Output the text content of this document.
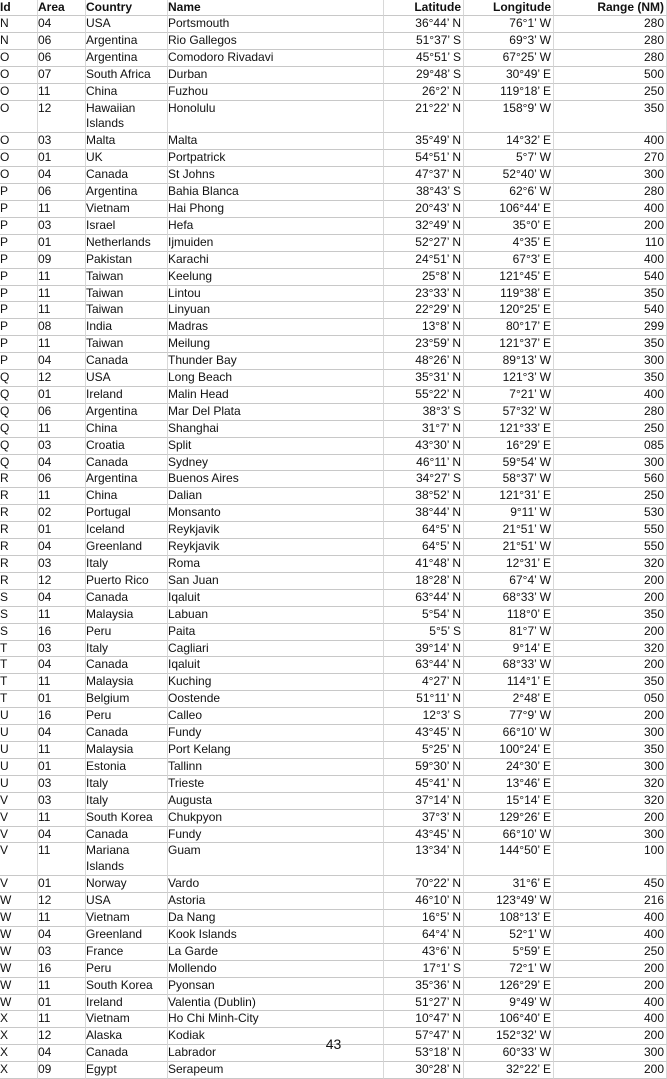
Id	Area	Country	Name	Latitude	Longitude	Range (NM)
N	04	USA	Portsmouth	36°44’ N	76°1’ W	280
N	06	Argentina	Rio Gallegos	51°37’ S	69°3’ W	280
O	06	Argentina	Comodoro Rivadavi	45°51’ S	67°25’ W	280
O	07	South Africa	Durban	29°48’ S	30°49’ E	500
O	11	China	Fuzhou	26°2’ N	119°18’ E	250
O	12	Hawaiian Islands	Honolulu	21°22’ N	158°9’ W	350
O	03	Malta	Malta	35°49’ N	14°32’ E	400
O	01	UK	Portpatrick	54°51’ N	5°7’ W	270
O	04	Canada	St Johns	47°37’ N	52°40’ W	300
P	06	Argentina	Bahia Blanca	38°43’ S	62°6’ W	280
P	11	Vietnam	Hai Phong	20°43’ N	106°44’ E	400
P	03	Israel	Hefa	32°49’ N	35°0’ E	200
P	01	Netherlands	Ijmuiden	52°27’ N	4°35’ E	110
P	09	Pakistan	Karachi	24°51’ N	67°3’ E	400
P	11	Taiwan	Keelung	25°8’ N	121°45’ E	540
P	11	Taiwan	Lintou	23°33’ N	119°38’ E	350
P	11	Taiwan	Linyuan	22°29’ N	120°25’ E	540
P	08	India	Madras	13°8’ N	80°17’ E	299
P	11	Taiwan	Meilung	23°59’ N	121°37’ E	350
P	04	Canada	Thunder Bay	48°26’ N	89°13’ W	300
Q	12	USA	Long Beach	35°31’ N	121°3’ W	350
Q	01	Ireland	Malin Head	55°22’ N	7°21’ W	400
Q	06	Argentina	Mar Del Plata	38°3’ S	57°32’ W	280
Q	11	China	Shanghai	31°7’ N	121°33’ E	250
Q	03	Croatia	Split	43°30’ N	16°29’ E	085
Q	04	Canada	Sydney	46°11’ N	59°54’ W	300
R	06	Argentina	Buenos Aires	34°27’ S	58°37’ W	560
R	11	China	Dalian	38°52’ N	121°31’ E	250
R	02	Portugal	Monsanto	38°44’ N	9°11’ W	530
R	01	Iceland	Reykjavik	64°5’ N	21°51’ W	550
R	04	Greenland	Reykjavik	64°5’ N	21°51’ W	550
R	03	Italy	Roma	41°48’ N	12°31’ E	320
R	12	Puerto Rico	San Juan	18°28’ N	67°4’ W	200
S	04	Canada	Iqaluit	63°44’ N	68°33’ W	200
S	11	Malaysia	Labuan	5°54’ N	118°0’ E	350
S	16	Peru	Paita	5°5’ S	81°7’ W	200
T	03	Italy	Cagliari	39°14’ N	9°14’ E	320
T	04	Canada	Iqaluit	63°44’ N	68°33’ W	200
T	11	Malaysia	Kuching	4°27’ N	114°1’ E	350
T	01	Belgium	Oostende	51°11’ N	2°48’ E	050
U	16	Peru	Calleo	12°3’ S	77°9’ W	200
U	04	Canada	Fundy	43°45’ N	66°10’ W	300
U	11	Malaysia	Port Kelang	5°25’ N	100°24’ E	350
U	01	Estonia	Tallinn	59°30’ N	24°30’ E	300
U	03	Italy	Trieste	45°41’ N	13°46’ E	320
V	03	Italy	Augusta	37°14’ N	15°14’ E	320
V	11	South Korea	Chukpyon	37°3’ N	129°26’ E	200
V	04	Canada	Fundy	43°45’ N	66°10’ W	300
V	11	Mariana Islands	Guam	13°34’ N	144°50’ E	100
V	01	Norway	Vardo	70°22’ N	31°6’ E	450
W	12	USA	Astoria	46°10’ N	123°49’ W	216
W	11	Vietnam	Da Nang	16°5’ N	108°13’ E	400
W	04	Greenland	Kook Islands	64°4’ N	52°1’ W	400
W	03	France	La Garde	43°6’ N	5°59’ E	250
W	16	Peru	Mollendo	17°1’ S	72°1’ W	200
W	11	South Korea	Pyonsan	35°36’ N	126°29’ E	200
W	01	Ireland	Valentia (Dublin)	51°27’ N	9°49’ W	400
X	11	Vietnam	Ho Chi Minh-City	10°47’ N	106°40’ E	400
X	12	Alaska	Kodiak	57°47’ N	152°32’ W	200
X	04	Canada	Labrador	53°18’ N	60°33’ W	300
X	09	Egypt	Serapeum	30°28’ N	32°22’ E	200
43
